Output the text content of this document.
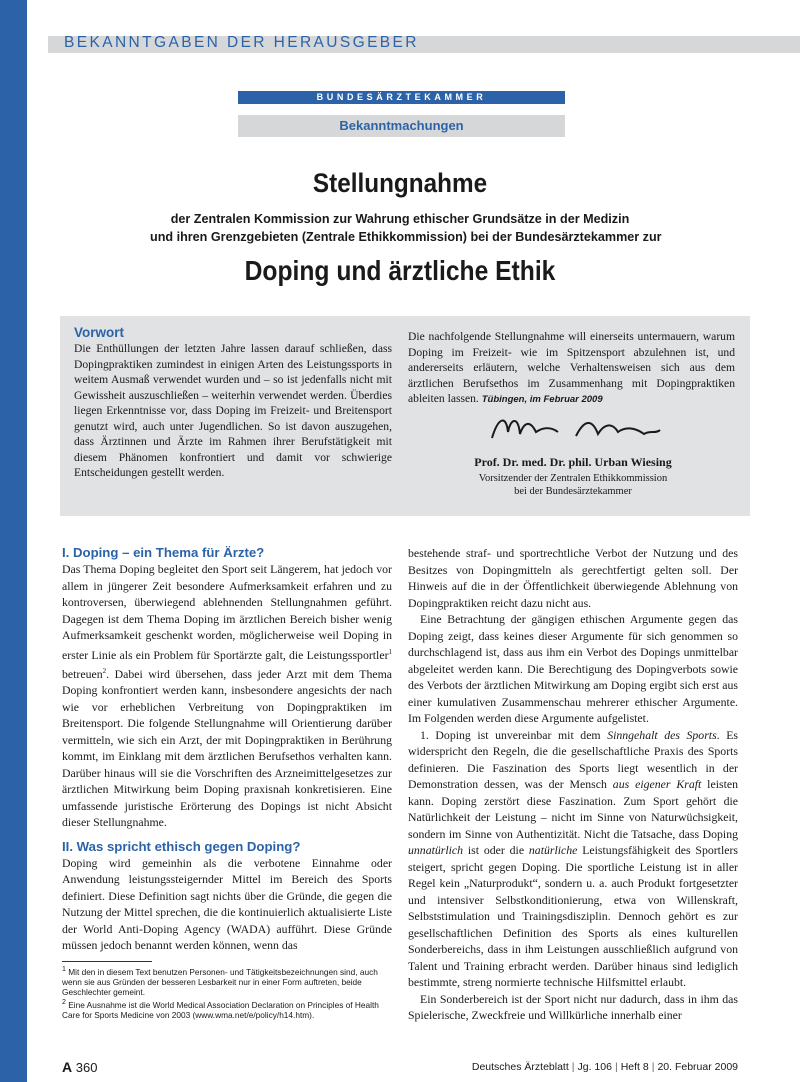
BEKANNTGABEN DER HERAUSGEBER
BUNDESÄRZTEKAMMER
Bekanntmachungen
Stellungnahme
der Zentralen Kommission zur Wahrung ethischer Grundsätze in der Medizin
und ihren Grenzgebieten (Zentrale Ethikkommission) bei der Bundesärztekammer zur
Doping und ärztliche Ethik
Vorwort
Die Enthüllungen der letzten Jahre lassen darauf schließen, dass Dopingpraktiken zumindest in einigen Arten des Leistungssports in weitem Ausmaß verwendet wurden und – so ist jedenfalls nicht mit Gewissheit auszuschließen – weiterhin verwendet werden. Überdies liegen Erkenntnisse vor, dass Doping im Freizeit- und Breitensport genutzt wird, auch unter Jugendlichen. So ist davon auszugehen, dass Ärztinnen und Ärzte im Rahmen ihrer Berufstätigkeit mit diesem Phänomen konfrontiert und damit vor schwierige Entscheidungen gestellt werden.
Die nachfolgende Stellungnahme will einerseits untermauern, warum Doping im Freizeit- wie im Spitzensport abzulehnen ist, und andererseits erläutern, welche Verhaltensweisen sich aus dem ärztlichen Berufsethos im Zusammenhang mit Dopingpraktiken ableiten lassen. Tübingen, im Februar 2009
Prof. Dr. med. Dr. phil. Urban Wiesing
Vorsitzender der Zentralen Ethikkommission
bei der Bundesärztekammer
I. Doping – ein Thema für Ärzte?

Das Thema Doping begleitet den Sport seit Längerem, hat jedoch vor allem in jüngerer Zeit besondere Aufmerksamkeit erfahren und zu kontroversen, überwiegend ablehnenden Stellungnahmen geführt. Dagegen ist dem Thema Doping im ärztlichen Bereich bisher wenig Aufmerksamkeit geschenkt worden, möglicherweise weil Doping in erster Linie als ein Problem für Sportärzte galt, die Leistungssportler$^1$ betreuen$^2$. Dabei wird übersehen, dass jeder Arzt mit dem Thema Doping konfrontiert werden kann, insbesondere angesichts der nach wie vor erheblichen Verbreitung von Dopingpraktiken im Breitensport. Die folgende Stellungnahme will Orientierung darüber vermitteln, wie sich ein Arzt, der mit Dopingpraktiken in Berührung kommt, im Einklang mit dem ärztlichen Berufsethos verhalten kann. Darüber hinaus will sie die Vorschriften des Arzneimittelgesetzes zur ärztlichen Mitwirkung beim Doping praxisnah konkretisieren. Eine umfassende juristische Erörterung des Dopings ist nicht Absicht dieser Stellungnahme.

II. Was spricht ethisch gegen Doping?

Doping wird gemeinhin als die verbotene Einnahme oder Anwendung leistungssteigernder Mittel im Bereich des Sports definiert. Diese Definition sagt nichts über die Gründe, die gegen die Nutzung der Mittel sprechen, die die kontinuierlich aktualisierte Liste der World Anti-Doping Agency (WADA) aufführt. Diese Gründe müssen jedoch benannt werden können, wenn das

bestehende straf- und sportrechtliche Verbot der Nutzung und des Besitzes von Dopingmitteln als gerechtfertigt gelten soll. Der Hinweis auf die in der Öffentlichkeit überwiegende Ablehnung von Dopingpraktiken reicht dazu nicht aus.

Eine Betrachtung der gängigen ethischen Argumente gegen das Doping zeigt, dass keines dieser Argumente für sich genommen so durchschlagend ist, dass aus ihm ein Verbot des Dopings unmittelbar abgeleitet werden kann. Die Berechtigung des Dopingverbots sowie des Verbots der ärztlichen Mitwirkung am Doping ergibt sich erst aus einer kumulativen Zusammenschau mehrerer ethischer Argumente. Im Folgenden werden diese Argumente aufgelistet.

1. Doping ist unvereinbar mit dem Sinngehalt des Sports. Es widerspricht den Regeln, die die gesellschaftliche Praxis des Sports definieren. Die Faszination des Sports liegt wesentlich in der Demonstration dessen, was der Mensch aus eigener Kraft leisten kann. Doping zerstört diese Faszination. Zum Sport gehört die Natürlichkeit der Leistung – nicht im Sinne von Naturwüchsigkeit, sondern im Sinne von Authentizität. Nicht die Tatsache, dass Doping unnatürlich ist oder die natürliche Leistungsfähigkeit des Sportlers steigert, spricht gegen Doping. Die sportliche Leistung ist in aller Regel kein „Naturprodukt“, sondern u. a. auch Produkt fortgesetzter und intensiver Selbstkonditionierung, etwa von Willenskraft, Selbststimulation und Trainingsdisziplin. Dennoch gehört es zur gesellschaftlichen Definition des Sports als eines kulturellen Sonderbereichs, dass in ihm Leistungen ausschließlich aufgrund von Talent und Training erbracht werden. Darüber hinaus sind lediglich bestimmte, streng normierte technische Hilfsmittel erlaubt.

Ein Sonderbereich ist der Sport nicht nur dadurch, dass in ihm das Spielerische, Zweckfreie und Willkürliche innerhalb einer

$^1$ Mit den in diesem Text benutzen Personen- und Tätigkeitsbezeichnungen sind, auch wenn sie aus Gründen der besseren Lesbarkeit nur in einer Form auftreten, beide Geschlechter gemeint.
$^2$ Eine Ausnahme ist die World Medical Association Declaration on Principles of Health Care for Sports Medicine von 2003 (www.wma.net/e/policy/h14.htm).
A 360	Deutsches Ärzteblatt | Jg. 106 | Heft 8 | 20. Februar 2009
